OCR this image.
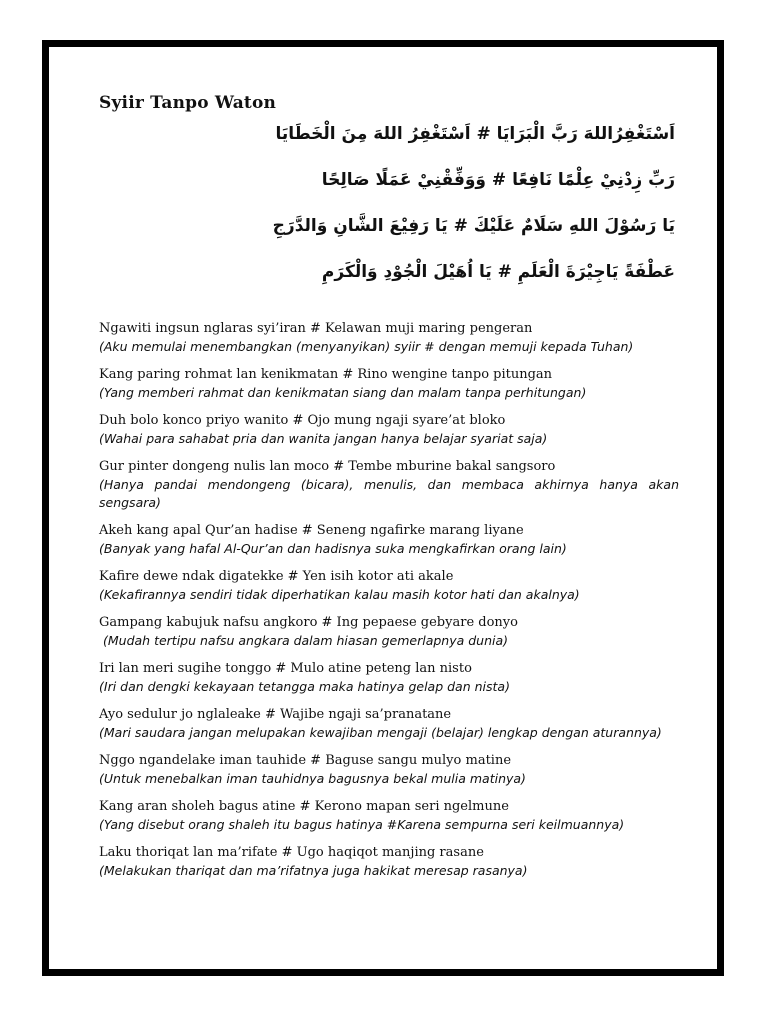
Syiir Tanpo Waton
اَسْتَغْفِرُاللهَ رَبَّ الْبَرَايَا # اَسْتَغْفِرُ اللهَ مِنَ الْخَطَايَا
رَبِّ زِدْنِيْ عِلْمًا نَافِعًا # وَوَفِّقْنِيْ عَمَلًا صَالِحًا
يَا رَسُوْلَ اللهِ سَلَامٌ عَلَيْكَ # يَا رَفِيْعَ الشَّانِ وَالدَّرَجِ
عَطْفَةً يَاجِيْرَةَ الْعَلَمِ # يَا اُهَيْلَ الْجُوْدِ وَالْكَرَمِ
Ngawiti ingsun nglaras syi’iran # Kelawan muji maring pengeran
(Aku memulai menembangkan (menyanyikan) syiir # dengan memuji kepada Tuhan)
Kang paring rohmat lan kenikmatan # Rino wengine tanpo pitungan
(Yang memberi rahmat dan kenikmatan siang dan malam tanpa perhitungan)
Duh bolo konco priyo wanito # Ojo mung ngaji syare’at bloko
(Wahai para sahabat pria dan wanita jangan hanya belajar syariat saja)
Gur pinter dongeng nulis lan moco # Tembe mburine bakal sangsoro
(Hanya pandai mendongeng (bicara), menulis, dan membaca akhirnya hanya akan sengsara)
Akeh kang apal Qur’an hadise # Seneng ngafirke marang liyane
(Banyak yang hafal Al-Qur’an dan hadisnya suka mengkafirkan orang lain)
Kafire dewe ndak digatekke # Yen isih kotor ati akale
(Kekafirannya sendiri tidak diperhatikan kalau masih kotor hati dan akalnya)
Gampang kabujuk nafsu angkoro # Ing pepaese gebyare donyo
(Mudah tertipu nafsu angkara dalam hiasan gemerlapnya dunia)
Iri lan meri sugihe tonggo # Mulo atine peteng lan nisto
(Iri dan dengki kekayaan tetangga maka hatinya gelap dan nista)
Ayo sedulur jo nglaleake # Wajibe ngaji sa’pranatane
(Mari saudara jangan melupakan kewajiban mengaji (belajar) lengkap dengan aturannya)
Nggo ngandelake iman tauhide # Baguse sangu mulyo matine
(Untuk menebalkan iman tauhidnya bagusnya bekal mulia matinya)
Kang aran sholeh bagus atine # Kerono mapan seri ngelmune
(Yang disebut orang shaleh itu bagus hatinya #Karena sempurna seri keilmuannya)
Laku thoriqat lan ma’rifate # Ugo haqiqot manjing rasane
(Melakukan thariqat dan ma’rifatnya juga hakikat meresap rasanya)
